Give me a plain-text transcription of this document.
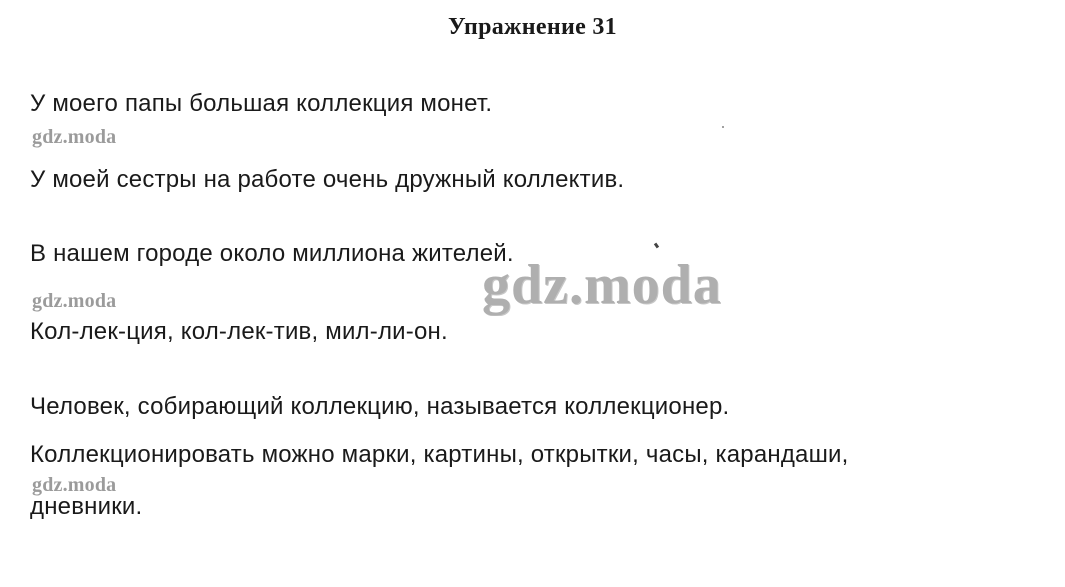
Упражнение 31
У моего папы большая коллекция монет.
gdz.moda
У моей сестры на работе очень дружный коллектив.
В нашем городе около миллиона жителей.
gdz.moda
Кол-лек-ция, кол-лек-тив, мил-ли-он.
Человек, собирающий коллекцию, называется коллекционер.
Коллекционировать можно марки, картины, открытки, часы, карандаши,
gdz.moda
дневники.
gdz.moda
